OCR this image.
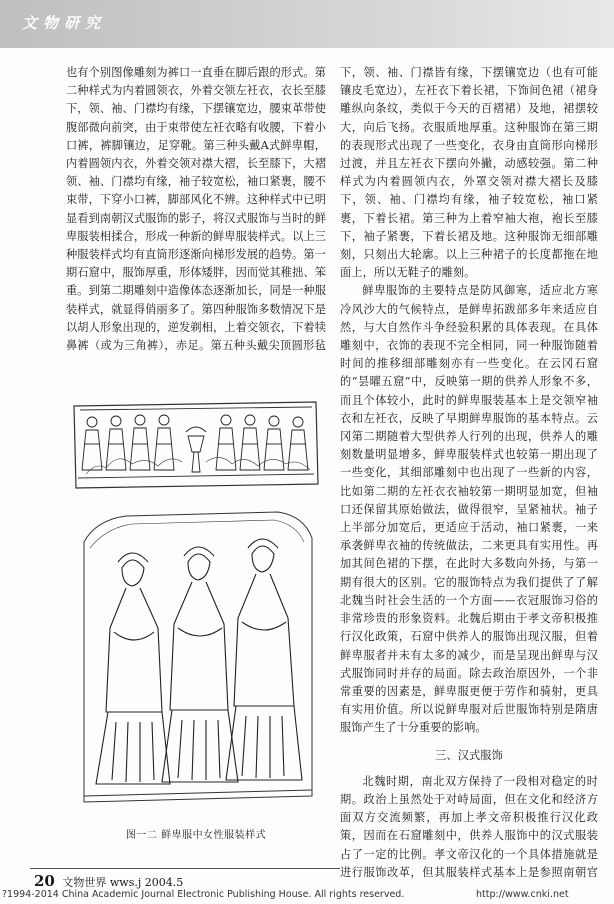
文物研究

也有个别图像雕刻为裤口一直垂在脚后跟的形式。第二种样式为内着圆领衣，外着交领左衽衣，衣长至膝下，领、袖、门襟均有缘，下摆镶宽边，腰束革带使腹部微向前突，由于束带使左衽衣略有收腰，下着小口裤，裤脚镶边，足穿靴。第三种头戴A式鲜卑帽，内着圆领内衣，外着交领对襟大褶，长至膝下，大褶领、袖、门襟均有缘，袖子较宽松，袖口紧裹，腰不束带，下穿小口裤，脚部风化不辨。这种样式中已明显看到南朝汉式服饰的影子，将汉式服饰与当时的鲜卑服装相揉合，形成一种新的鲜卑服装样式。以上三种服装样式均有直筒形逐渐向梯形发展的趋势。第一期石窟中，服饰厚重，形体矮胖，因而觉其稚拙、笨重。到第二期雕刻中造像体态逐渐加长，同是一种服装样式，就显得俏丽多了。第四种服饰多数情况下是以胡人形象出现的，逆发剃相，上着交领衣，下着犊鼻裤（或为三角裤），赤足。第五种头戴尖顶圆形毡

图一二 鲜卑服中女性服装样式

下，领、袖、门襟皆有缘，下摆镶宽边（也有可能镶皮毛宽边），左衽衣下着长裙，下饰间色裙（裙身雕纵向条纹，类似于今天的百褶裙）及地，裙摆较大，向后飞扬。衣服质地厚重。这种服饰在第三期的表现形式出现了一些变化，衣身由直筒形向梯形过渡，并且左衽衣下摆向外撇，动感较强。第二种样式为内着圆领内衣，外罩交领对襟大褶长及膝下，领、袖、门襟均有缘，袖子较宽松，袖口紧裹，下着长裙。第三种为上着窄袖大袍，袍长至膝下，袖子紧裹，下着长裙及地。这种服饰无细部雕刻，只刻出大轮廓。以上三种裙子的长度都拖在地面上，所以无鞋子的雕刻。

鲜卑服饰的主要特点是防风御寒，适应北方寒冷风沙大的气候特点，是鲜卑拓跋部多年来适应自然，与大自然作斗争经验积累的具体表现。在具体雕刻中，衣饰的表现不完全相同，同一种服饰随着时间的推移细部雕刻亦有一些变化。在云冈石窟的“昙曜五窟”中，反映第一期的供养人形象不多，而且个体较小，此时的鲜卑服装基本上是交领窄袖衣和左衽衣，反映了早期鲜卑服饰的基本特点。云冈第二期随着大型供养人行列的出现，供养人的雕刻数量明显增多，鲜卑服装样式也较第一期出现了一些变化，其细部雕刻中也出现了一些新的内容，比如第二期的左衽衣衣袖较第一期明显加宽，但袖口还保留其原始做法，做得很窄，呈紧袖状。袖子上半部分加宽后，更适应于活动，袖口紧裹，一来承袭鲜卑衣袖的传统做法，二来更具有实用性。再加其间色裙的下摆，在此时大多数向外扬，与第一期有很大的区别。它的服饰特点为我们提供了了解北魏当时社会生活的一个方面——衣冠服饰习俗的非常珍贵的形象资料。北魏后期由于孝文帝积极推行汉化政策，石窟中供养人的服饰出现汉服，但着鲜卑服者并未有太多的减少，而是呈现出鲜卑与汉式服饰同时并存的局面。除去政治原因外，一个非常重要的因素是，鲜卑服更便于劳作和骑射，更具有实用价值。所以说鲜卑服对后世服饰特别是隋唐服饰产生了十分重要的影响。

三、汉式服饰

北魏时期，南北双方保持了一段相对稳定的时期。政治上虽然处于对峙局面，但在文化和经济方面双方交流频繁，再加上孝文帝积极推行汉化政策，因而在石窟雕刻中，供养人服饰中的汉式服装占了一定的比例。孝文帝汉化的一个具体措施就是进行服饰改革，但其服装样式基本上是参照南朝官

20 文物世界 wws.j 2004.5
?1994-2014 China Academic Journal Electronic Publishing House. All rights reserved.	http://www.cnki.net
